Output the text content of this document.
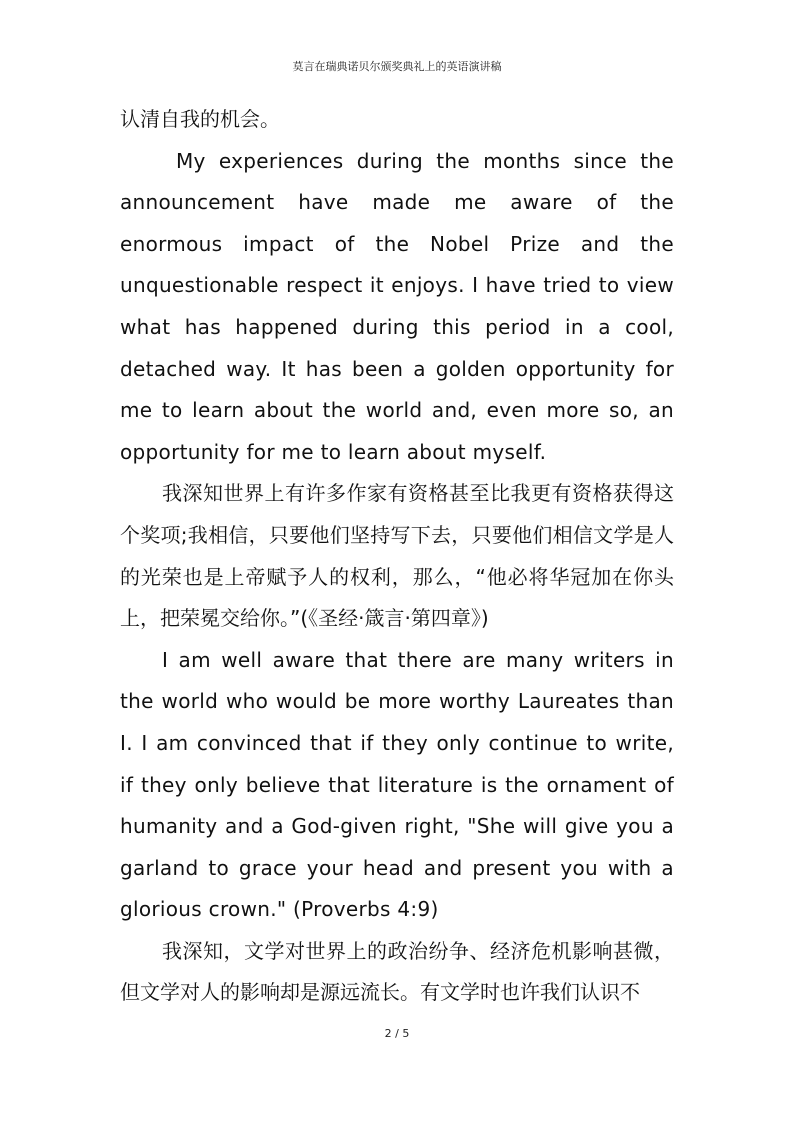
莫言在瑞典诺贝尔颁奖典礼上的英语演讲稿

认清自我的机会。

My experiences during the months since the announcement have made me aware of the enormous impact of the Nobel Prize and the unquestionable respect it enjoys. I have tried to view what has happened during this period in a cool, detached way. It has been a golden opportunity for me to learn about the world and, even more so, an opportunity for me to learn about myself.

我深知世界上有许多作家有资格甚至比我更有资格获得这个奖项;我相信，只要他们坚持写下去，只要他们相信文学是人的光荣也是上帝赋予人的权利，那么，“他必将华冠加在你头上，把荣冕交给你。”(《圣经·箴言·第四章》)

I am well aware that there are many writers in the world who would be more worthy Laureates than I. I am convinced that if they only continue to write, if they only believe that literature is the ornament of humanity and a God-given right, "She will give you a garland to grace your head and present you with a glorious crown." (Proverbs 4:9)

我深知，文学对世界上的政治纷争、经济危机影响甚微，但文学对人的影响却是源远流长。有文学时也许我们认识不

2 / 5
